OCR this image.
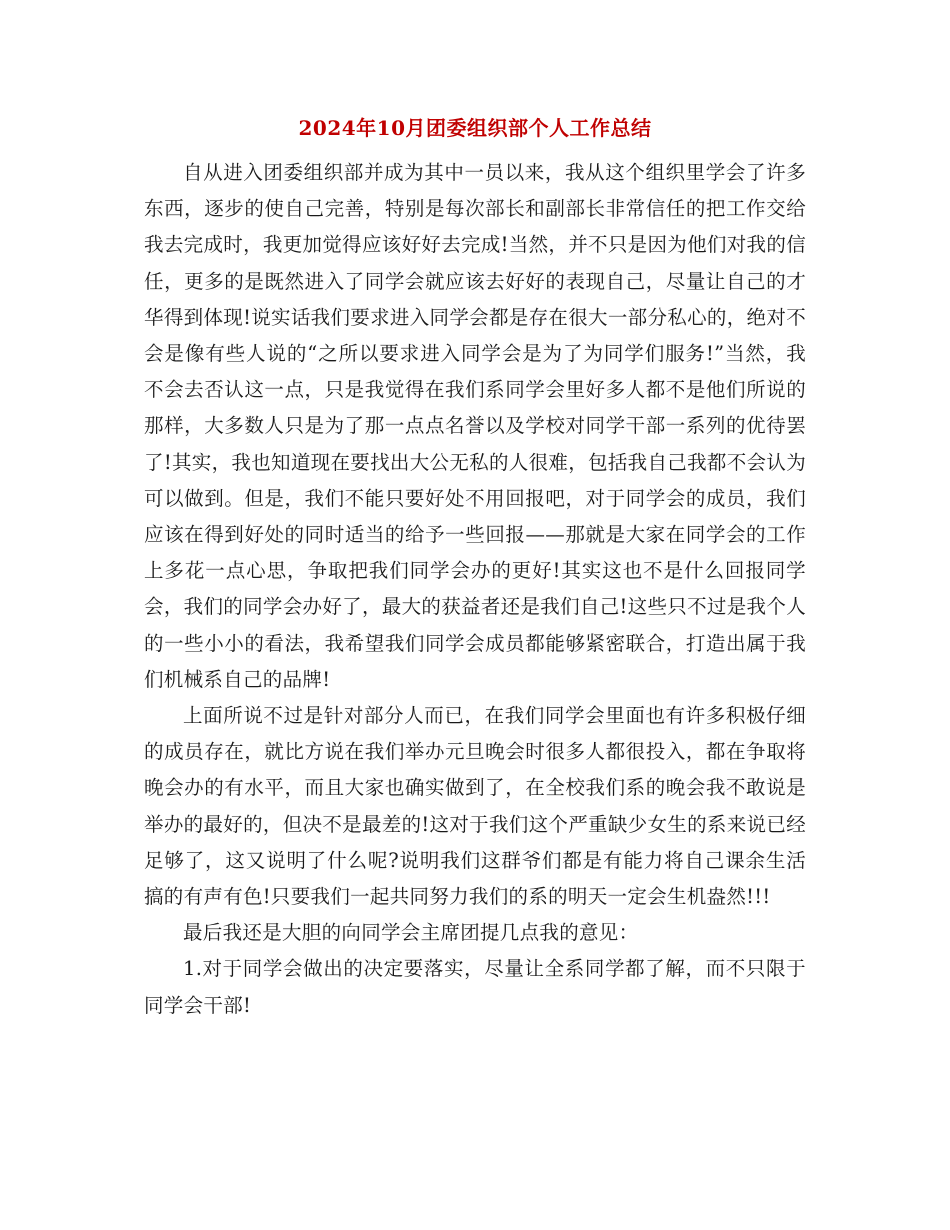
2024年10月团委组织部个人工作总结

自从进入团委组织部并成为其中一员以来，我从这个组织里学会了许多东西，逐步的使自己完善，特别是每次部长和副部长非常信任的把工作交给我去完成时，我更加觉得应该好好去完成!当然，并不只是因为他们对我的信任，更多的是既然进入了同学会就应该去好好的表现自己，尽量让自己的才华得到体现!说实话我们要求进入同学会都是存在很大一部分私心的，绝对不会是像有些人说的“之所以要求进入同学会是为了为同学们服务!”当然，我不会去否认这一点，只是我觉得在我们系同学会里好多人都不是他们所说的那样，大多数人只是为了那一点点名誉以及学校对同学干部一系列的优待罢了!其实，我也知道现在要找出大公无私的人很难，包括我自己我都不会认为可以做到。但是，我们不能只要好处不用回报吧，对于同学会的成员，我们应该在得到好处的同时适当的给予一些回报——那就是大家在同学会的工作上多花一点心思，争取把我们同学会办的更好!其实这也不是什么回报同学会，我们的同学会办好了，最大的获益者还是我们自己!这些只不过是我个人的一些小小的看法，我希望我们同学会成员都能够紧密联合，打造出属于我们机械系自己的品牌!

上面所说不过是针对部分人而已，在我们同学会里面也有许多积极仔细的成员存在，就比方说在我们举办元旦晚会时很多人都很投入，都在争取将晚会办的有水平，而且大家也确实做到了，在全校我们系的晚会我不敢说是举办的最好的，但决不是最差的!这对于我们这个严重缺少女生的系来说已经足够了，这又说明了什么呢?说明我们这群爷们都是有能力将自己课余生活搞的有声有色!只要我们一起共同努力我们的系的明天一定会生机盎然!!!

最后我还是大胆的向同学会主席团提几点我的意见：

1.对于同学会做出的决定要落实，尽量让全系同学都了解，而不只限于同学会干部!
